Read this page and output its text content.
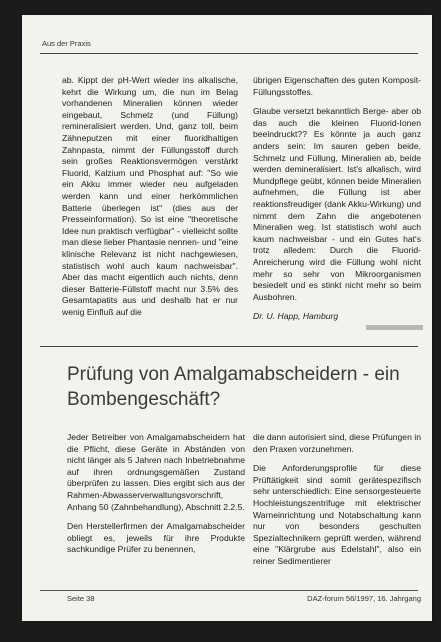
Aus der Praxis

ab. Kippt der pH-Wert wieder ins alkalische, kehrt die Wirkung um, die nun im Belag vorhandenen Mineralien können wieder eingebaut, Schmelz (und Füllung) remineralisiert werden. Und, ganz toll, beim Zähneputzen mit einer fluoridhaltigen Zahnpasta, nimmt der Füllungsstoff durch sein großes Reaktionsvermögen verstärkt Fluorid, Kalzium und Phosphat auf: "So wie ein Akku immer wieder neu aufgeladen werden kann und einer herkömmlichen Batterie überlegen ist" (dies aus der Presseinformation). So ist eine "theoretische Idee nun praktisch verfügbar" - vielleicht sollte man diese lieber Phantasie nennen- und "eine klinische Relevanz ist nicht nachgewiesen, statistisch wohl auch kaum nachweisbar". Aber das macht eigentlich auch nichts, denn dieser Batterie-Füllstoff macht nur 3.5% des Gesamtapatits aus und deshalb hat er nur wenig Einfluß auf die

übrigen Eigenschaften des guten Komposit-Füllungsstoffes.

Glaube versetzt bekanntlich Berge- aber ob das auch die kleinen Fluorid-Ionen beeindruckt?? Es könnte ja auch ganz anders sein: Im sauren geben beide, Schmelz und Füllung, Mineralien ab, beide werden demineralisiert. Ist's alkalisch, wird Mundpflege geübt, können beide Mineralien aufnehmen, die Füllung ist aber reaktionsfreudiger (dank Akku-Wirkung) und nimmt dem Zahn die angebotenen Mineralien weg. Ist statistisch wohl auch kaum nachweisbar - und ein Gutes hat's trotz alledem: Durch die Fluorid-Anreicherung wird die Füllung wohl nicht mehr so sehr von Mikroorganismen besiedelt und es stinkt nicht mehr so beim Ausbohren.

Dr. U. Happ, Hamburg

Prüfung von Amalgamabscheidern - ein Bombengeschäft?

Jeder Betreiber von Amalgamabscheidern hat die Pflicht, diese Geräte in Abständen von nicht länger als 5 Jahren nach Inbetriebnahme auf ihren ordnungsgemäßen Zustand überprüfen zu lassen. Dies ergibt sich aus der Rahmen-Abwasserverwaltungsvorschrift, Anhang 50 (Zahnbehandlung), Abschnitt 2.2.5.

Den Herstellerfirmen der Amalgamabscheider obliegt es, jeweils für ihre Produkte sachkundige Prüfer zu benennen,

die dann autorisiert sind, diese Prüfungen in den Praxen vorzunehmen.

Die Anforderungsprofile für diese Prüftätigkeit sind somit gerätespezifisch sehr unterschiedlich: Eine sensorgesteuerte Hochleistungszentrifuge mit elektrischer Warneinrichtung und Notabschaltung kann nur von besonders geschulten Spezialtechnikern geprüft werden, während eine "Klärgrube aus Edelstahl", also ein reiner Sedimentierer

Seite 38	DAZ-forum 56/1997, 16. Jahrgang
